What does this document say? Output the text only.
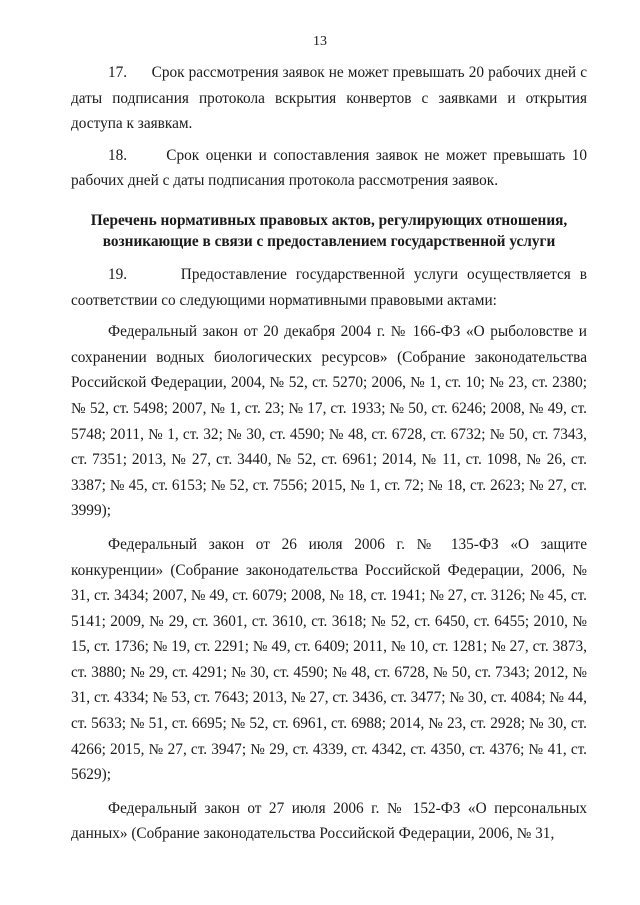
13

17.      Срок рассмотрения заявок не может превышать 20 рабочих дней с даты подписания протокола вскрытия конвертов с заявками и открытия доступа к заявкам.

18.      Срок оценки и сопоставления заявок не может превышать 10 рабочих дней с даты подписания протокола рассмотрения заявок.

Перечень нормативных правовых актов, регулирующих отношения,

возникающие в связи с предоставлением государственной услуги

19.      Предоставление государственной услуги осуществляется в соответствии со следующими нормативными правовыми актами:

Федеральный закон от 20 декабря 2004 г. № 166-ФЗ «О рыболовстве и сохранении водных биологических ресурсов» (Собрание законодательства Российской Федерации, 2004, № 52, ст. 5270; 2006, № 1, ст. 10; № 23, ст. 2380; № 52, ст. 5498; 2007, № 1, ст. 23; № 17, ст. 1933; № 50, ст. 6246; 2008, № 49, ст. 5748; 2011, № 1, ст. 32; № 30, ст. 4590; № 48, ст. 6728, ст. 6732; № 50, ст. 7343, ст. 7351; 2013, № 27, ст. 3440, № 52, ст. 6961; 2014, № 11, ст. 1098, № 26, ст. 3387; № 45, ст. 6153; № 52, ст. 7556; 2015, № 1, ст. 72; № 18, ст. 2623; № 27, ст. 3999);

Федеральный закон от 26 июля 2006 г. № 135-ФЗ «О защите конкуренции» (Собрание законодательства Российской Федерации, 2006, № 31, ст. 3434; 2007, № 49, ст. 6079; 2008, № 18, ст. 1941; № 27, ст. 3126; № 45, ст. 5141; 2009, № 29, ст. 3601, ст. 3610, ст. 3618; № 52, ст. 6450, ст. 6455; 2010, № 15, ст. 1736; № 19, ст. 2291; № 49, ст. 6409; 2011, № 10, ст. 1281; № 27, ст. 3873, ст. 3880; № 29, ст. 4291; № 30, ст. 4590; № 48, ст. 6728, № 50, ст. 7343; 2012, № 31, ст. 4334; № 53, ст. 7643; 2013, № 27, ст. 3436, ст. 3477; № 30, ст. 4084; № 44, ст. 5633; № 51, ст. 6695; № 52, ст. 6961, ст. 6988; 2014, № 23, ст. 2928; № 30, ст. 4266; 2015, № 27, ст. 3947; № 29, ст. 4339, ст. 4342, ст. 4350, ст. 4376; № 41, ст. 5629);

Федеральный закон от 27 июля 2006 г. № 152-ФЗ «О персональных данных» (Собрание законодательства Российской Федерации, 2006, № 31,
